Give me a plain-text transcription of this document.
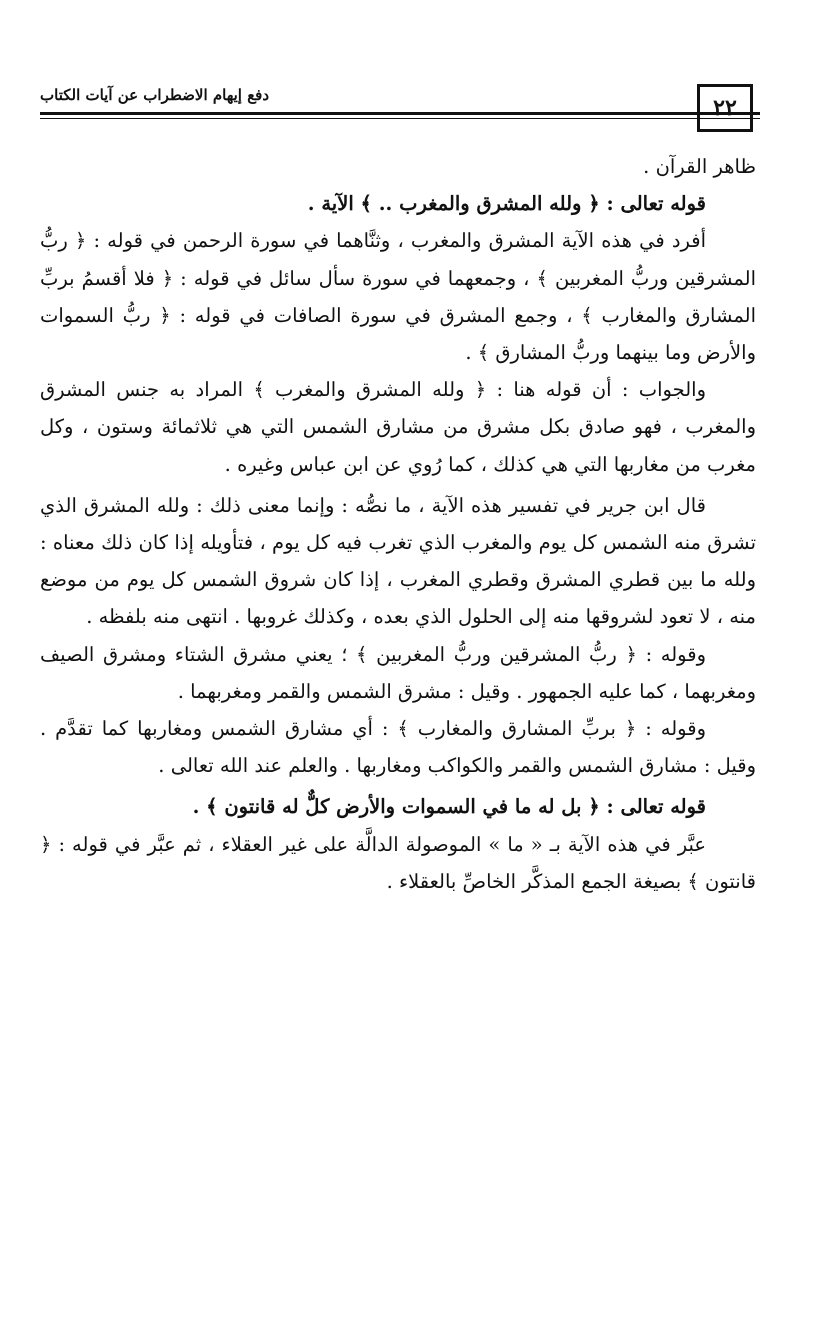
دفع إيهام الاضطراب عن آيات الكتاب	٢٢

ظاهر القرآن .

قوله تعالى : ﴿ ولله المشرق والمغرب .. ﴾ الآية .

أفرد في هذه الآية المشرق والمغرب ، وثنَّاهما في سورة الرحمن في قوله : ﴿ ربُّ المشرقين وربُّ المغربين ﴾ ، وجمعهما في سورة سأل سائل في قوله : ﴿ فلا أقسمُ بربِّ المشارق والمغارب ﴾ ، وجمع المشرق في سورة الصافات في قوله : ﴿ ربُّ السموات والأرض وما بينهما وربُّ المشارق ﴾ .

والجواب : أن قوله هنا : ﴿ ولله المشرق والمغرب ﴾ المراد به جنس المشرق والمغرب ، فهو صادق بكل مشرق من مشارق الشمس التي هي ثلاثمائة وستون ، وكل مغرب من مغاربها التي هي كذلك ، كما رُوي عن ابن عباس وغيره .

قال ابن جرير في تفسير هذه الآية ، ما نصُّه : وإنما معنى ذلك : ولله المشرق الذي تشرق منه الشمس كل يوم والمغرب الذي تغرب فيه كل يوم ، فتأويله إذا كان ذلك معناه : ولله ما بين قطري المشرق وقطري المغرب ، إذا كان شروق الشمس كل يوم من موضع منه ، لا تعود لشروقها منه إلى الحلول الذي بعده ، وكذلك غروبها . انتهى منه بلفظه .

وقوله : ﴿ ربُّ المشرقين وربُّ المغربين ﴾ ؛ يعني مشرق الشتاء ومشرق الصيف ومغربهما ، كما عليه الجمهور . وقيل : مشرق الشمس والقمر ومغربهما .

وقوله : ﴿ بربِّ المشارق والمغارب ﴾ : أي مشارق الشمس ومغاربها كما تقدَّم . وقيل : مشارق الشمس والقمر والكواكب ومغاربها . والعلم عند الله تعالى .

قوله تعالى : ﴿ بل له ما في السموات والأرض كلٌّ له قانتون ﴾ .

عبَّر في هذه الآية بـ « ما » الموصولة الدالَّة على غير العقلاء ، ثم عبَّر في قوله : ﴿ قانتون ﴾ بصيغة الجمع المذكَّر الخاصِّ بالعقلاء .
